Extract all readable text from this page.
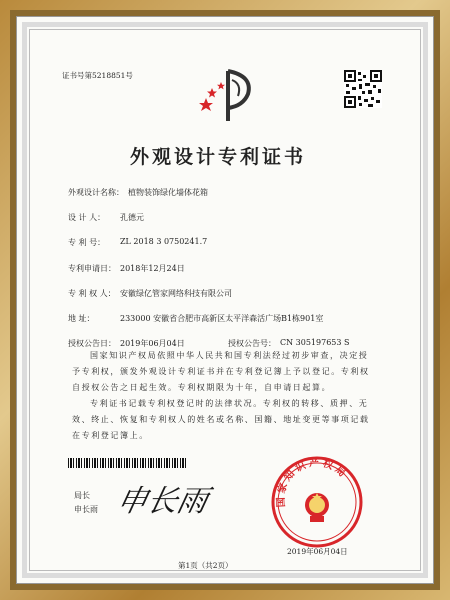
证书号第5218851号
外观设计专利证书
外观设计名称： 植物装饰绿化墙体花箱
设 计 人： 孔德元
专 利 号： ZL 2018 3 0750241.7
专利申请日： 2018年12月24日
专 利 权 人： 安徽绿亿管家网络科技有限公司
地 址：	233000 安徽省合肥市高新区太平洋森活广场B1栋901室
授权公告日： 2019年06月04日	授权公告号： CN 305197653 S
国家知识产权局依照中华人民共和国专利法经过初步审查，决定授予专利权，颁发外观设计专利证书并在专利登记簿上予以登记。专利权自授权公告之日起生效。专利权期限为十年，自申请日起算。
专利证书记载专利权登记时的法律状况。专利权的转移、质押、无效、终止、恢复和专利权人的姓名或名称、国籍、地址变更等事项记载在专利登记簿上。
局长
申长雨 申长雨	国家知识产权局
2019年06月04日
第1页（共2页）
